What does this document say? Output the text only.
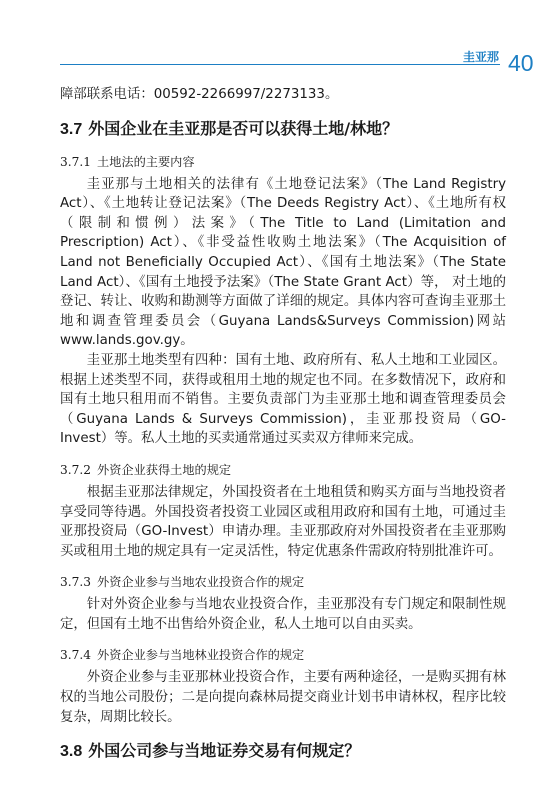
圭亚那 40
障部联系电话：00592-2266997/2273133。
3.7 外国企业在圭亚那是否可以获得土地/林地？
3.7.1 土地法的主要内容

圭亚那与土地相关的法律有《土地登记法案》（The Land Registry Act）、《土地转让登记法案》（The Deeds Registry Act）、《土地所有权（限制和惯例）法案》（The Title to Land (Limitation and Prescription) Act）、《非受益性收购土地法案》（The Acquisition of Land not Beneficially Occupied Act）、《国有土地法案》（The State Land Act）、《国有土地授予法案》（The State Grant Act）等， 对土地的登记、转让、收购和勘测等方面做了详细的规定。具体内容可查询圭亚那土地和调查管理委员会（Guyana Lands&Surveys Commission)网站www.lands.gov.gy。

圭亚那土地类型有四种：国有土地、政府所有、私人土地和工业园区。根据上述类型不同，获得或租用土地的规定也不同。在多数情况下，政府和国有土地只租用而不销售。主要负责部门为圭亚那土地和调查管理委员会（Guyana Lands & Surveys Commission)，圭亚那投资局（GO-Invest）等。私人土地的买卖通常通过买卖双方律师来完成。

3.7.2 外资企业获得土地的规定

根据圭亚那法律规定，外国投资者在土地租赁和购买方面与当地投资者享受同等待遇。外国投资者投资工业园区或租用政府和国有土地，可通过圭亚那投资局（GO-Invest）申请办理。圭亚那政府对外国投资者在圭亚那购买或租用土地的规定具有一定灵活性，特定优惠条件需政府特别批准许可。

3.7.3 外资企业参与当地农业投资合作的规定

针对外资企业参与当地农业投资合作，圭亚那没有专门规定和限制性规定，但国有土地不出售给外资企业，私人土地可以自由买卖。

3.7.4 外资企业参与当地林业投资合作的规定

外资企业参与圭亚那林业投资合作，主要有两种途径，一是购买拥有林权的当地公司股份；二是向提向森林局提交商业计划书申请林权，程序比较复杂，周期比较长。

3.8 外国公司参与当地证券交易有何规定？
